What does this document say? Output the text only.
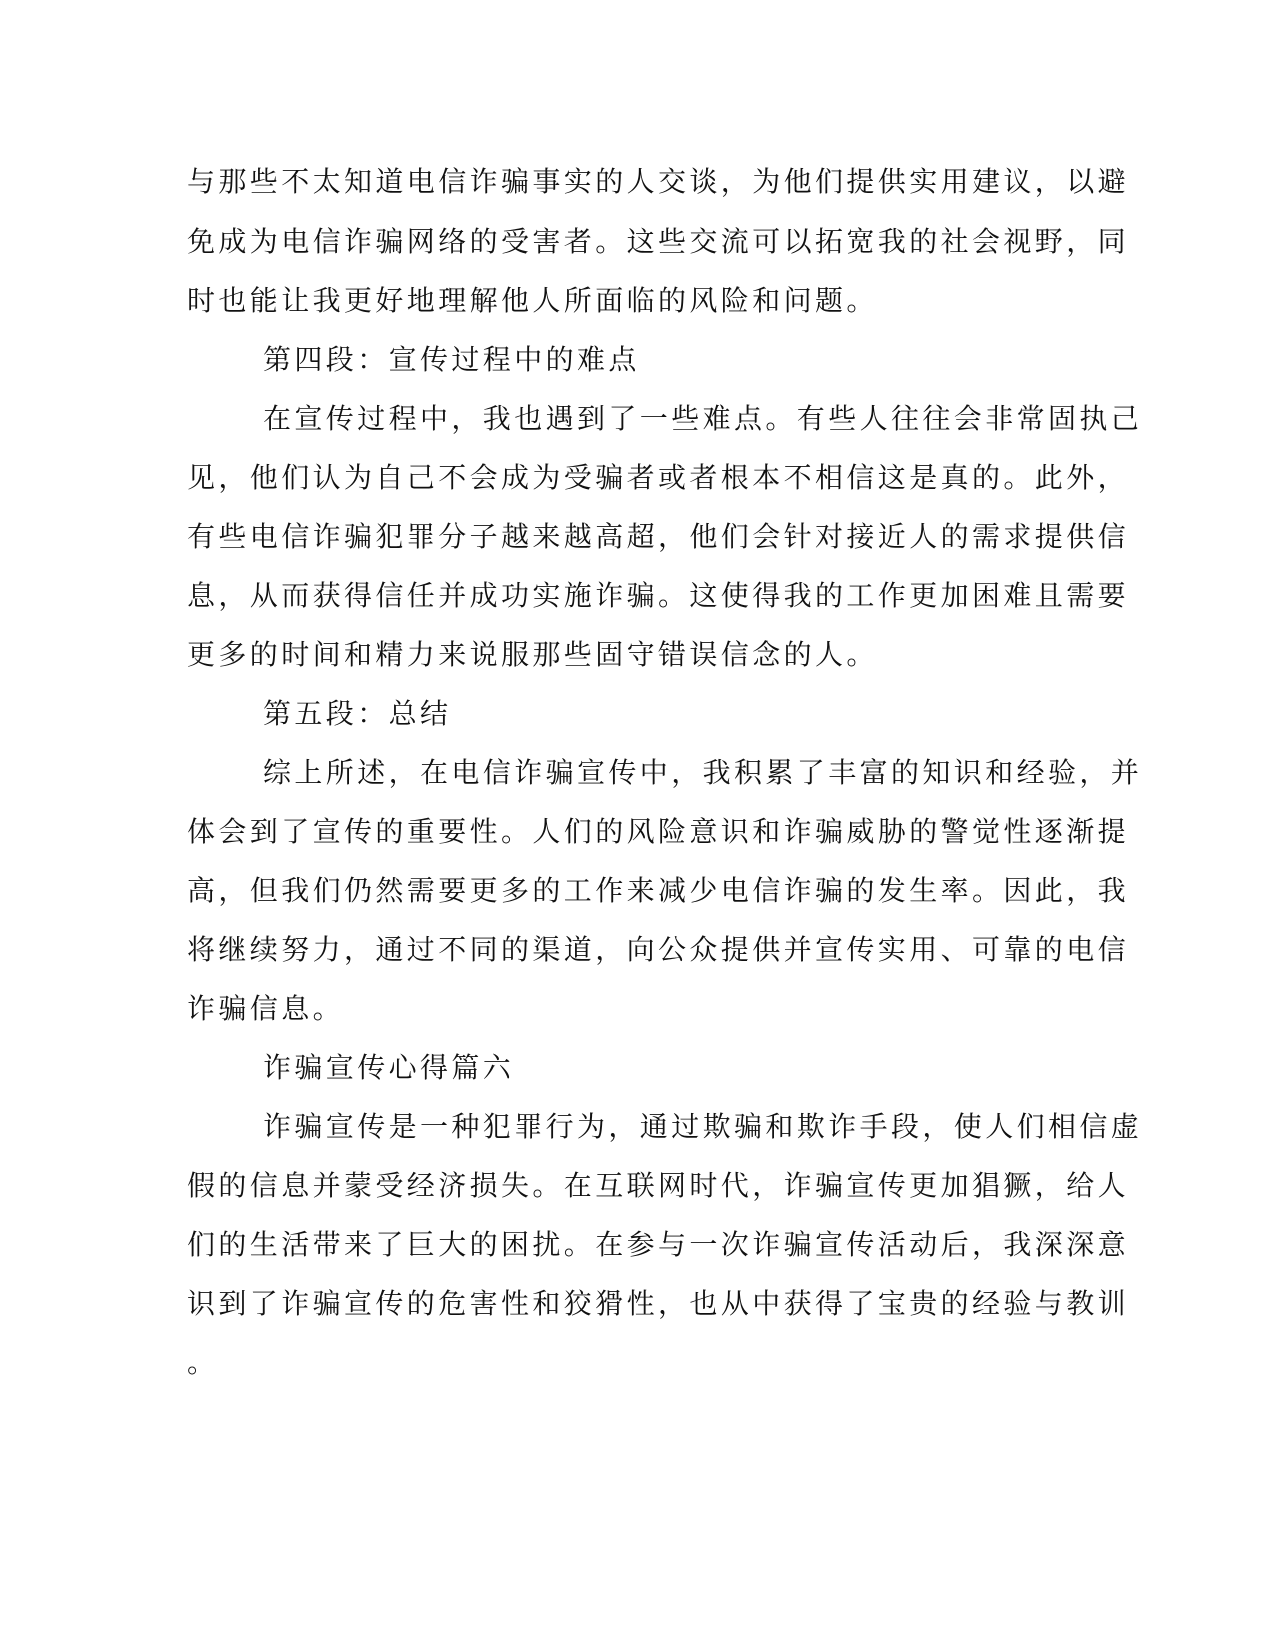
与那些不太知道电信诈骗事实的人交谈，为他们提供实用建议，以避

免成为电信诈骗网络的受害者。这些交流可以拓宽我的社会视野，同

时也能让我更好地理解他人所面临的风险和问题。

第四段：宣传过程中的难点

在宣传过程中，我也遇到了一些难点。有些人往往会非常固执己

见，他们认为自己不会成为受骗者或者根本不相信这是真的。此外，

有些电信诈骗犯罪分子越来越高超，他们会针对接近人的需求提供信

息，从而获得信任并成功实施诈骗。这使得我的工作更加困难且需要

更多的时间和精力来说服那些固守错误信念的人。

第五段：总结

综上所述，在电信诈骗宣传中，我积累了丰富的知识和经验，并

体会到了宣传的重要性。人们的风险意识和诈骗威胁的警觉性逐渐提

高，但我们仍然需要更多的工作来减少电信诈骗的发生率。因此，我

将继续努力，通过不同的渠道，向公众提供并宣传实用、可靠的电信

诈骗信息。

诈骗宣传心得篇六

诈骗宣传是一种犯罪行为，通过欺骗和欺诈手段，使人们相信虚

假的信息并蒙受经济损失。在互联网时代，诈骗宣传更加猖獗，给人

们的生活带来了巨大的困扰。在参与一次诈骗宣传活动后，我深深意

识到了诈骗宣传的危害性和狡猾性，也从中获得了宝贵的经验与教训

。
